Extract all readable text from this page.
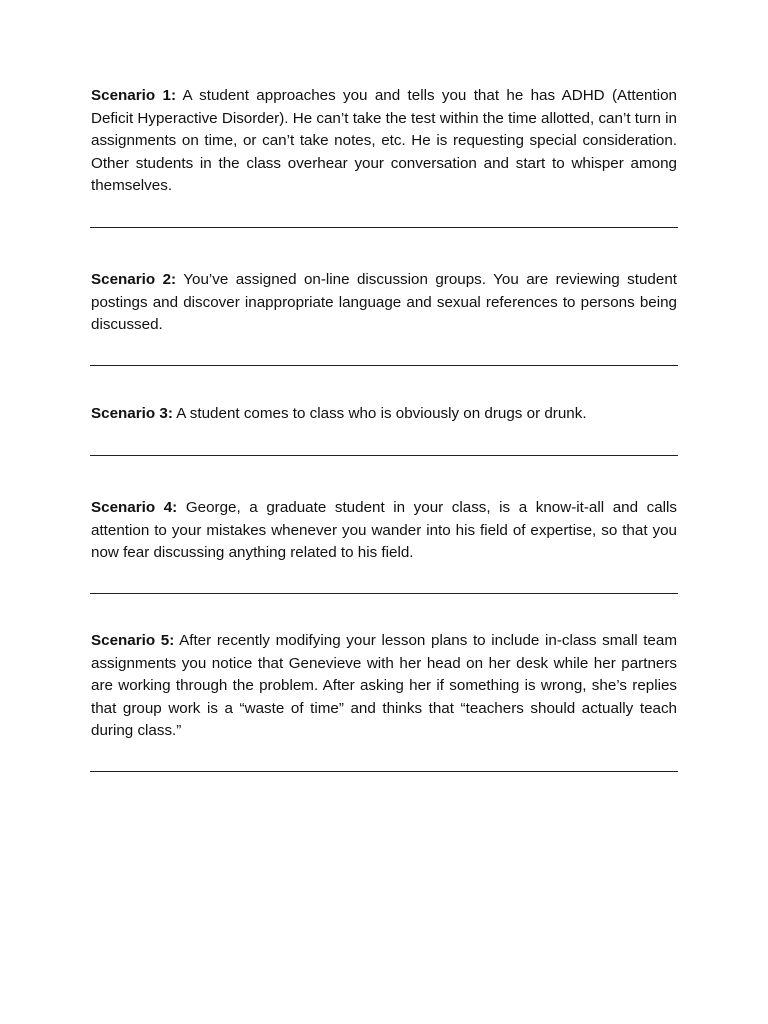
Scenario 1: A student approaches you and tells you that he has ADHD (Attention Deficit Hyperactive Disorder). He can’t take the test within the time allotted, can’t turn in assignments on time, or can’t take notes, etc. He is requesting special consideration. Other students in the class overhear your conversation and start to whisper among themselves.

Scenario 2: You’ve assigned on-line discussion groups. You are reviewing student postings and discover inappropriate language and sexual references to persons being discussed.

Scenario 3: A student comes to class who is obviously on drugs or drunk.

Scenario 4: George, a graduate student in your class, is a know-it-all and calls attention to your mistakes whenever you wander into his field of expertise, so that you now fear discussing anything related to his field.

Scenario 5: After recently modifying your lesson plans to include in-class small team assignments you notice that Genevieve with her head on her desk while her partners are working through the problem. After asking her if something is wrong, she’s replies that group work is a “waste of time” and thinks that “teachers should actually teach during class.”
